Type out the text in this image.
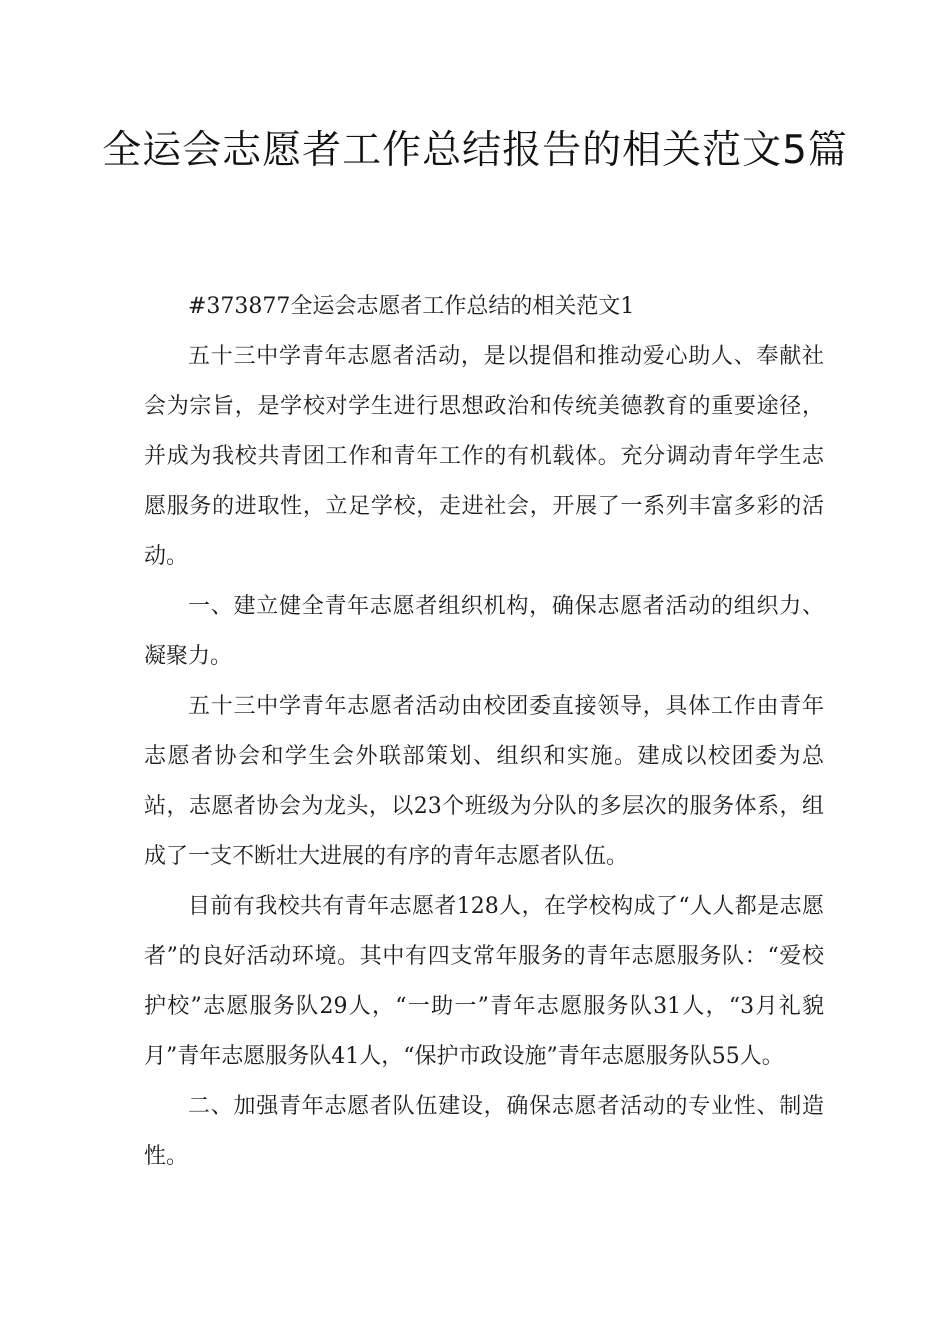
全运会志愿者工作总结报告的相关范文5篇

#373877全运会志愿者工作总结的相关范文1

五十三中学青年志愿者活动，是以提倡和推动爱心助人、奉献社会为宗旨，是学校对学生进行思想政治和传统美德教育的重要途径，并成为我校共青团工作和青年工作的有机载体。充分调动青年学生志愿服务的进取性，立足学校，走进社会，开展了一系列丰富多彩的活动。

一、建立健全青年志愿者组织机构，确保志愿者活动的组织力、凝聚力。

五十三中学青年志愿者活动由校团委直接领导，具体工作由青年志愿者协会和学生会外联部策划、组织和实施。建成以校团委为总站，志愿者协会为龙头，以23个班级为分队的多层次的服务体系，组成了一支不断壮大进展的有序的青年志愿者队伍。

目前有我校共有青年志愿者128人，在学校构成了“人人都是志愿者”的良好活动环境。其中有四支常年服务的青年志愿服务队：“爱校护校”志愿服务队29人，“一助一”青年志愿服务队31人，“3月礼貌月”青年志愿服务队41人，“保护市政设施”青年志愿服务队55人。

二、加强青年志愿者队伍建设，确保志愿者活动的专业性、制造性。
